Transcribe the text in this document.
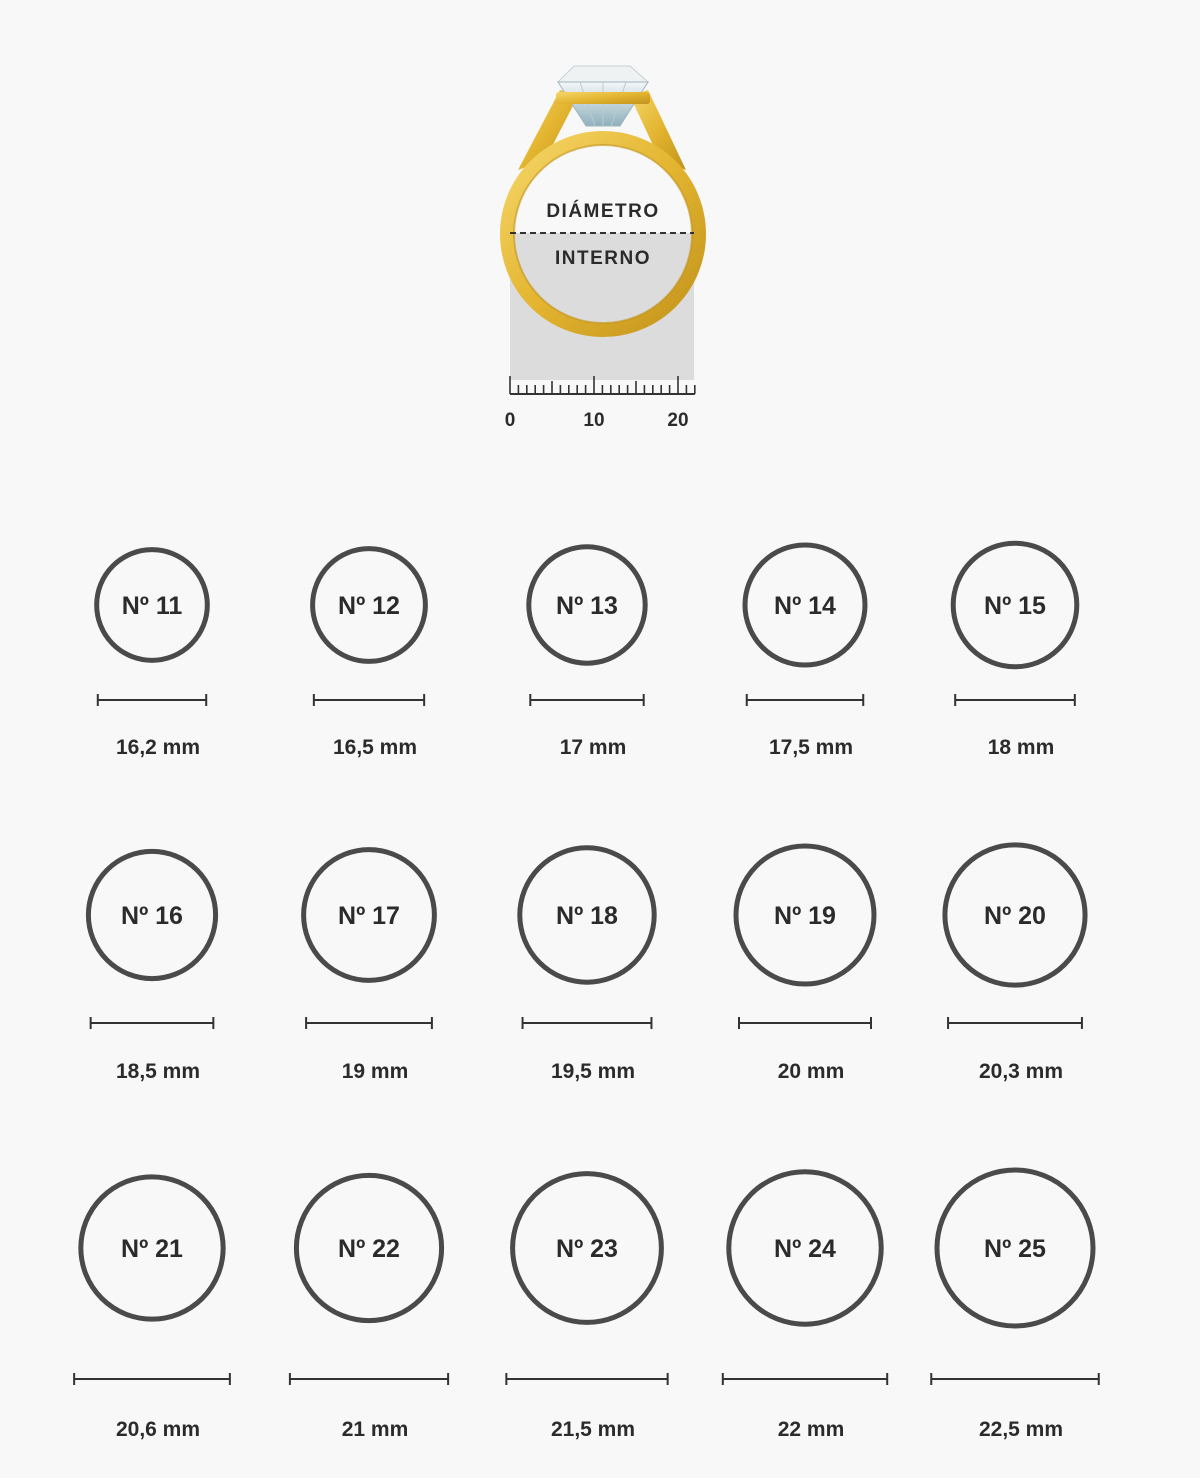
DIÁMETRO
INTERNO
0	10	20
Nº 11
16,2 mm
Nº 12
16,5 mm
Nº 13
17 mm
Nº 14
17,5 mm
Nº 15
18 mm
Nº 16
18,5 mm
Nº 17
19 mm
Nº 18
19,5 mm
Nº 19
20 mm
Nº 20
20,3 mm
Nº 21
20,6 mm
Nº 22
21 mm
Nº 23
21,5 mm
Nº 24
22 mm
Nº 25
22,5 mm
